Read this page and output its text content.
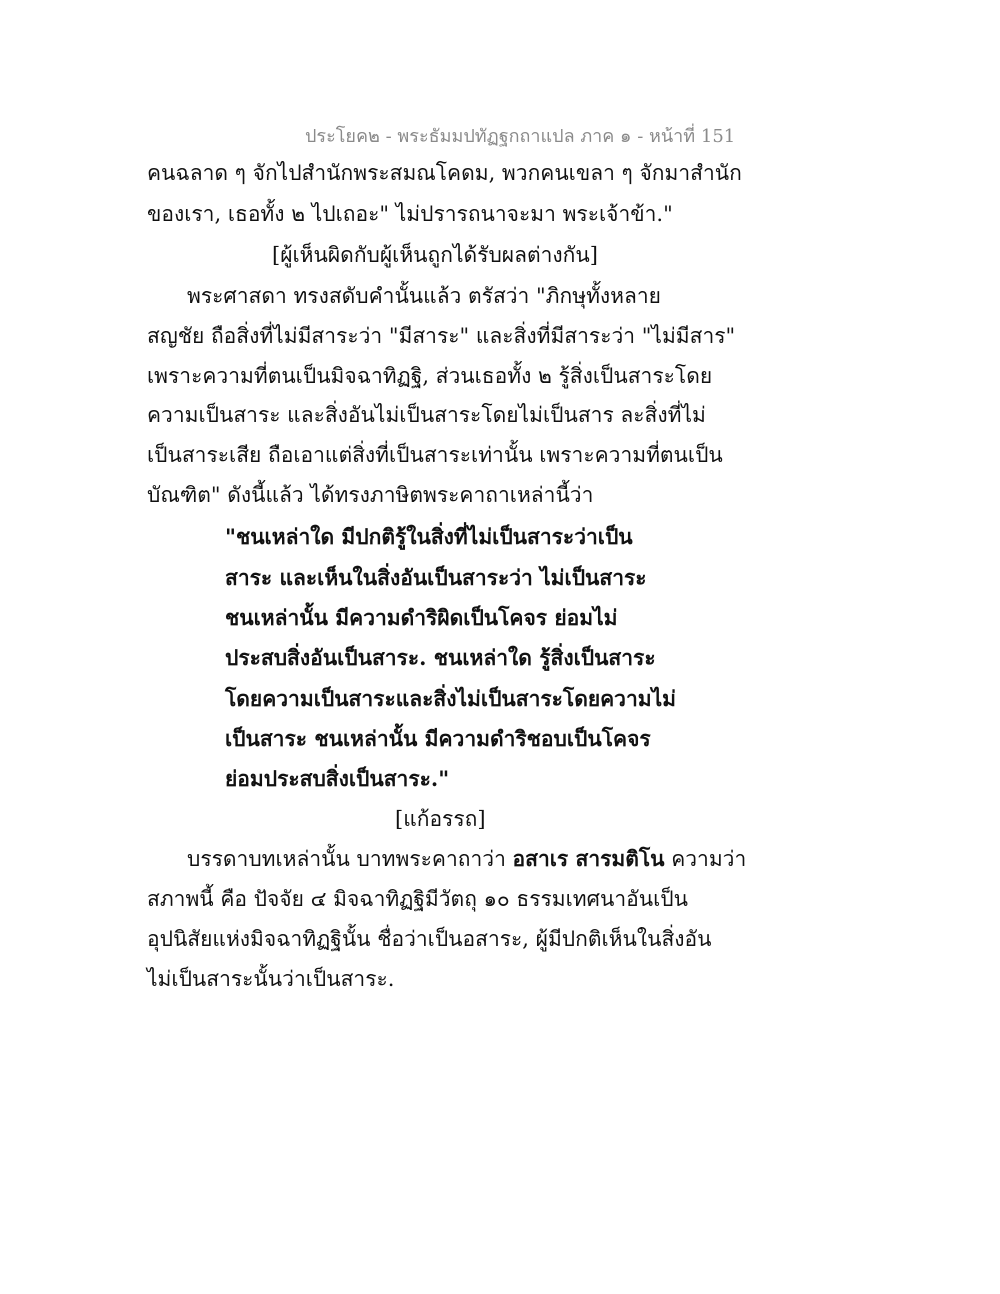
ประโยค๒ - พระธัมมปทัฏฐกถาแปล ภาค ๑ - หน้าที่ 151
คนฉลาด ๆ จักไปสำนักพระสมณโคดม, พวกคนเขลา ๆ จักมาสำนัก
ของเรา, เธอทั้ง ๒ ไปเถอะ" ไม่ปรารถนาจะมา พระเจ้าข้า."
[ผู้เห็นผิดกับผู้เห็นถูกได้รับผลต่างกัน]
พระศาสดา ทรงสดับคำนั้นแล้ว ตรัสว่า "ภิกษุทั้งหลาย
สญชัย ถือสิ่งที่ไม่มีสาระว่า "มีสาระ" และสิ่งที่มีสาระว่า "ไม่มีสาร"
เพราะความที่ตนเป็นมิจฉาทิฏฐิ, ส่วนเธอทั้ง ๒ รู้สิ่งเป็นสาระโดย
ความเป็นสาระ และสิ่งอันไม่เป็นสาระโดยไม่เป็นสาร ละสิ่งที่ไม่
เป็นสาระเสีย ถือเอาแต่สิ่งที่เป็นสาระเท่านั้น เพราะความที่ตนเป็น
บัณฑิต" ดังนี้แล้ว ได้ทรงภาษิตพระคาถาเหล่านี้ว่า
"ชนเหล่าใด มีปกติรู้ในสิ่งที่ไม่เป็นสาระว่าเป็น
สาระ และเห็นในสิ่งอันเป็นสาระว่า ไม่เป็นสาระ
ชนเหล่านั้น มีความดำริผิดเป็นโคจร ย่อมไม่
ประสบสิ่งอันเป็นสาระ. ชนเหล่าใด รู้สิ่งเป็นสาระ
โดยความเป็นสาระและสิ่งไม่เป็นสาระโดยความไม่
เป็นสาระ ชนเหล่านั้น มีความดำริชอบเป็นโคจร
ย่อมประสบสิ่งเป็นสาระ."
[แก้อรรถ]
บรรดาบทเหล่านั้น บาทพระคาถาว่า อสาเร สารมติโน ความว่า
สภาพนี้ คือ ปัจจัย ๔ มิจฉาทิฏฐิมีวัตถุ ๑๐ ธรรมเทศนาอันเป็น
อุปนิสัยแห่งมิจฉาทิฏฐินั้น ชื่อว่าเป็นอสาระ, ผู้มีปกติเห็นในสิ่งอัน
ไม่เป็นสาระนั้นว่าเป็นสาระ.
